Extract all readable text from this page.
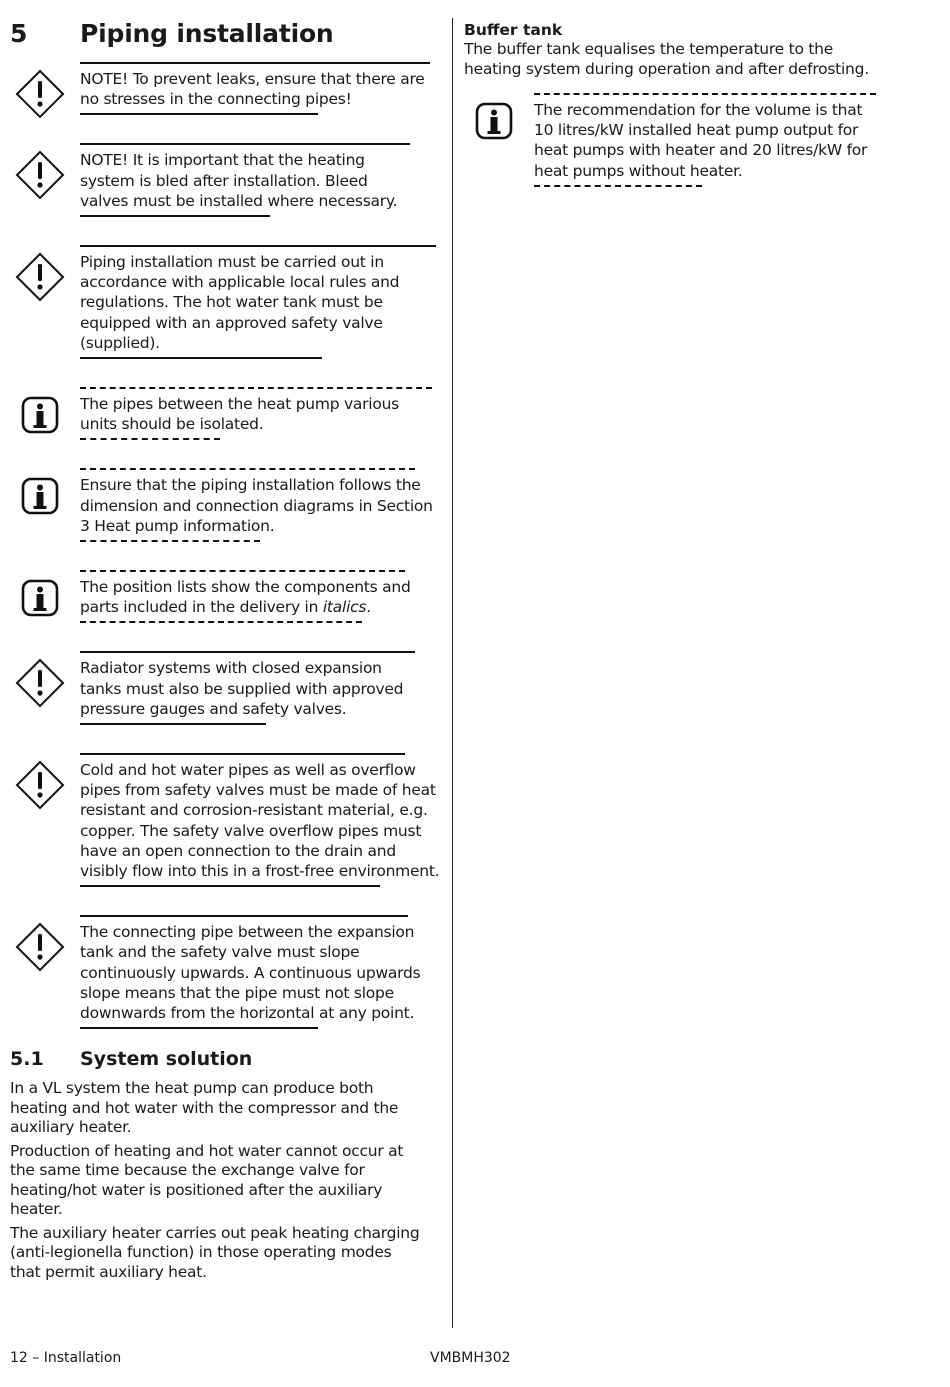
5	Piping installation
NOTE! To prevent leaks, ensure that there are no stresses in the connecting pipes!
NOTE! It is important that the heating system is bled after installation. Bleed valves must be installed where necessary.
Piping installation must be carried out in accordance with applicable local rules and regulations. The hot water tank must be equipped with an approved safety valve (supplied).
The pipes between the heat pump various units should be isolated.
Ensure that the piping installation follows the dimension and connection diagrams in Section 3 Heat pump information.
The position lists show the components and parts included in the delivery in italics.
Radiator systems with closed expansion tanks must also be supplied with approved pressure gauges and safety valves.
Cold and hot water pipes as well as overflow pipes from safety valves must be made of heat resistant and corrosion-resistant material, e.g. copper. The safety valve overflow pipes must have an open connection to the drain and visibly flow into this in a frost-free environment.
The connecting pipe between the expansion tank and the safety valve must slope continuously upwards. A continuous upwards slope means that the pipe must not slope downwards from the horizontal at any point.
5.1	System solution

In a VL system the heat pump can produce both heating and hot water with the compressor and the auxiliary heater.

Production of heating and hot water cannot occur at the same time because the exchange valve for heating/hot water is positioned after the auxiliary heater.

The auxiliary heater carries out peak heating charging (anti-legionella function) in those operating modes that permit auxiliary heat.

Buffer tank

The buffer tank equalises the temperature to the heating system during operation and after defrosting.

The recommendation for the volume is that 10 litres/kW installed heat pump output for heat pumps with heater and 20 litres/kW for heat pumps without heater.
12 – Installation	VMBMH302
